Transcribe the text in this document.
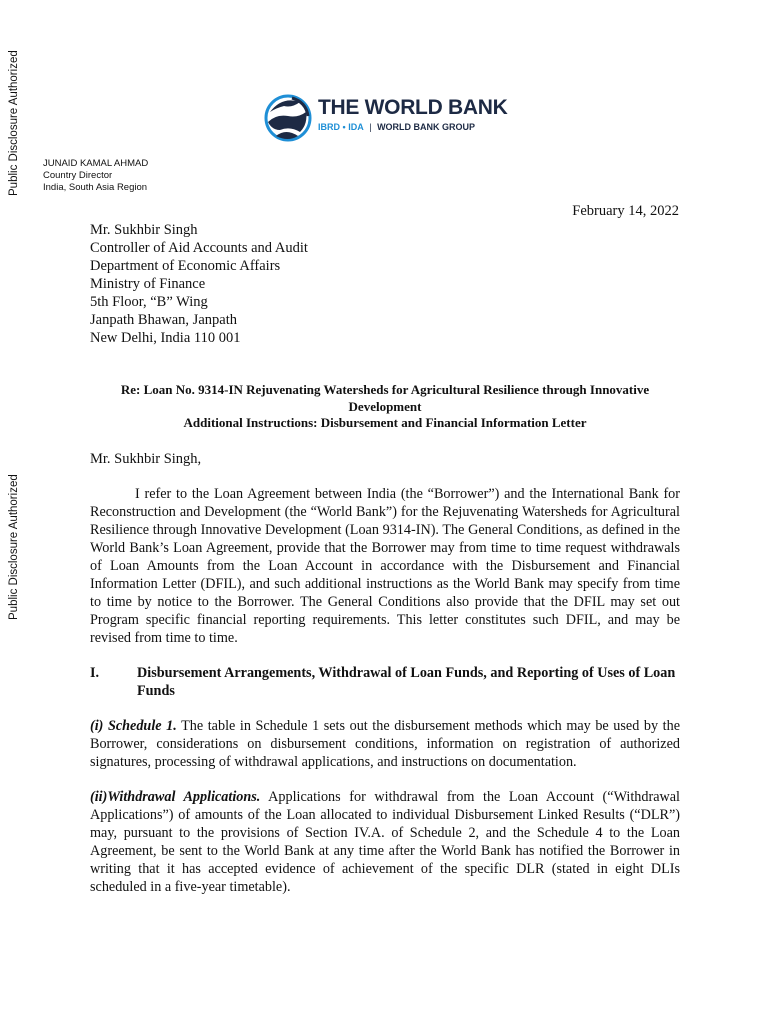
Public Disclosure Authorized
Public Disclosure Authorized
THE WORLD BANK
IBRD • IDA | WORLD BANK GROUP
JUNAID KAMAL AHMAD
Country Director
India, South Asia Region
February 14, 2022
Mr. Sukhbir Singh
Controller of Aid Accounts and Audit
Department of Economic Affairs
Ministry of Finance
5th Floor, “B” Wing
Janpath Bhawan, Janpath
New Delhi, India 110 001
Re: Loan No. 9314-IN Rejuvenating Watersheds for Agricultural Resilience through Innovative
Development
Additional Instructions: Disbursement and Financial Information Letter
Mr. Sukhbir Singh,
I refer to the Loan Agreement between India (the “Borrower”) and the International Bank for Reconstruction and Development (the “World Bank”) for the Rejuvenating Watersheds for Agricultural Resilience through Innovative Development (Loan 9314-IN). The General Conditions, as defined in the World Bank’s Loan Agreement, provide that the Borrower may from time to time request withdrawals of Loan Amounts from the Loan Account in accordance with the Disbursement and Financial Information Letter (DFIL), and such additional instructions as the World Bank may specify from time to time by notice to the Borrower. The General Conditions also provide that the DFIL may set out Program specific financial reporting requirements. This letter constitutes such DFIL, and may be revised from time to time.
I.	Disbursement Arrangements, Withdrawal of Loan Funds, and Reporting of Uses of Loan Funds
(i) Schedule 1. The table in Schedule 1 sets out the disbursement methods which may be used by the Borrower, considerations on disbursement conditions, information on registration of authorized signatures, processing of withdrawal applications, and instructions on documentation.
(ii)Withdrawal Applications. Applications for withdrawal from the Loan Account (“Withdrawal Applications”) of amounts of the Loan allocated to individual Disbursement Linked Results (“DLR”) may, pursuant to the provisions of Section IV.A. of Schedule 2, and the Schedule 4 to the Loan Agreement, be sent to the World Bank at any time after the World Bank has notified the Borrower in writing that it has accepted evidence of achievement of the specific DLR (stated in eight DLIs scheduled in a five-year timetable).
